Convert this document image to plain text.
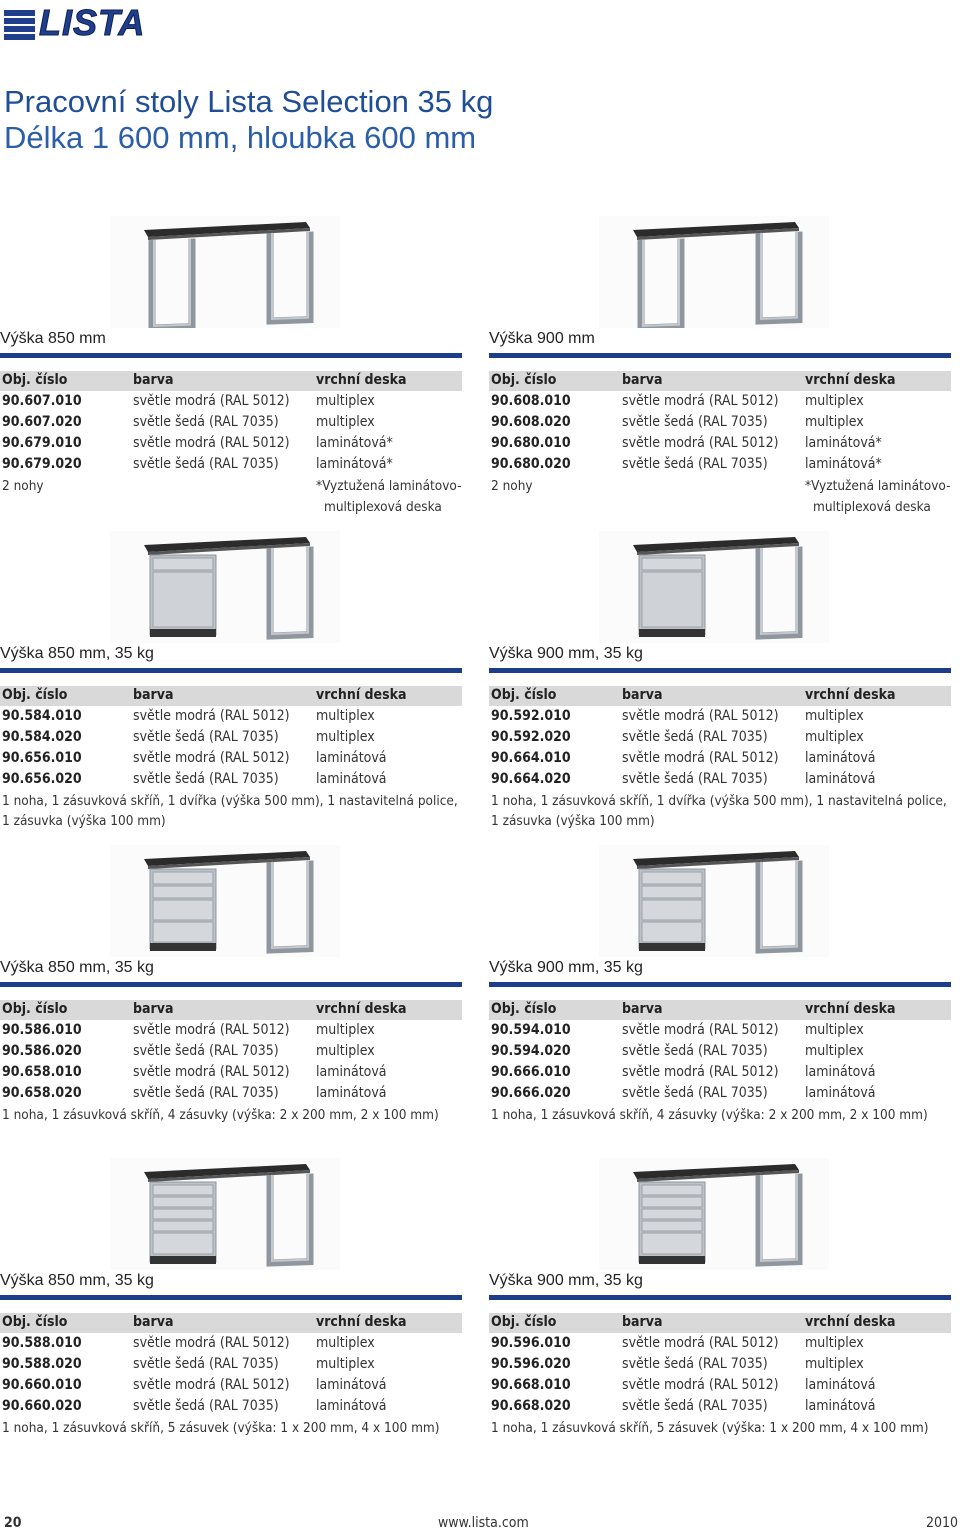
LISTA
Pracovní stoly Lista Selection 35 kg
Délka 1 600 mm, hloubka 600 mm
Výška 850 mm
Obj. číslo	barva	vrchní deska
90.607.010	světle modrá (RAL 5012) multiplex
90.607.020	světle šedá (RAL 7035)	multiplex
90.679.010	světle modrá (RAL 5012) laminátová*
90.679.020	světle šedá (RAL 7035)	laminátová*
2 nohy	*Vyztužená laminátovo-
multiplexová deska
Výška 900 mm
Obj. číslo	barva	vrchní deska
90.608.010	světle modrá (RAL 5012) multiplex
90.608.020	světle šedá (RAL 7035)	multiplex
90.680.010	světle modrá (RAL 5012) laminátová*
90.680.020	světle šedá (RAL 7035)	laminátová*
2 nohy	*Vyztužená laminátovo-
multiplexová deska
Výška 850 mm, 35 kg
Obj. číslo	barva	vrchní deska
90.584.010	světle modrá (RAL 5012) multiplex
90.584.020	světle šedá (RAL 7035)	multiplex
90.656.010	světle modrá (RAL 5012) laminátová
90.656.020	světle šedá (RAL 7035)	laminátová
1 noha, 1 zásuvková skříň, 1 dvířka (výška 500 mm), 1 nastavitelná police,
1 zásuvka (výška 100 mm)
Výška 900 mm, 35 kg
Obj. číslo	barva	vrchní deska
90.592.010	světle modrá (RAL 5012) multiplex
90.592.020	světle šedá (RAL 7035)	multiplex
90.664.010	světle modrá (RAL 5012) laminátová
90.664.020	světle šedá (RAL 7035)	laminátová
1 noha, 1 zásuvková skříň, 1 dvířka (výška 500 mm), 1 nastavitelná police,
1 zásuvka (výška 100 mm)
Výška 850 mm, 35 kg
Obj. číslo	barva	vrchní deska
90.586.010	světle modrá (RAL 5012) multiplex
90.586.020	světle šedá (RAL 7035)	multiplex
90.658.010	světle modrá (RAL 5012) laminátová
90.658.020	světle šedá (RAL 7035)	laminátová
1 noha, 1 zásuvková skříň, 4 zásuvky (výška: 2 x 200 mm, 2 x 100 mm)
Výška 900 mm, 35 kg
Obj. číslo	barva	vrchní deska
90.594.010	světle modrá (RAL 5012) multiplex
90.594.020	světle šedá (RAL 7035)	multiplex
90.666.010	světle modrá (RAL 5012) laminátová
90.666.020	světle šedá (RAL 7035)	laminátová
1 noha, 1 zásuvková skříň, 4 zásuvky (výška: 2 x 200 mm, 2 x 100 mm)
Výška 850 mm, 35 kg
Obj. číslo	barva	vrchní deska
90.588.010	světle modrá (RAL 5012) multiplex
90.588.020	světle šedá (RAL 7035)	multiplex
90.660.010	světle modrá (RAL 5012) laminátová
90.660.020	světle šedá (RAL 7035)	laminátová
1 noha, 1 zásuvková skříň, 5 zásuvek (výška: 1 x 200 mm, 4 x 100 mm)
Výška 900 mm, 35 kg
Obj. číslo	barva	vrchní deska
90.596.010	světle modrá (RAL 5012) multiplex
90.596.020	světle šedá (RAL 7035)	multiplex
90.668.010	světle modrá (RAL 5012) laminátová
90.668.020	světle šedá (RAL 7035)	laminátová
1 noha, 1 zásuvková skříň, 5 zásuvek (výška: 1 x 200 mm, 4 x 100 mm)
20	www.lista.com	2010
